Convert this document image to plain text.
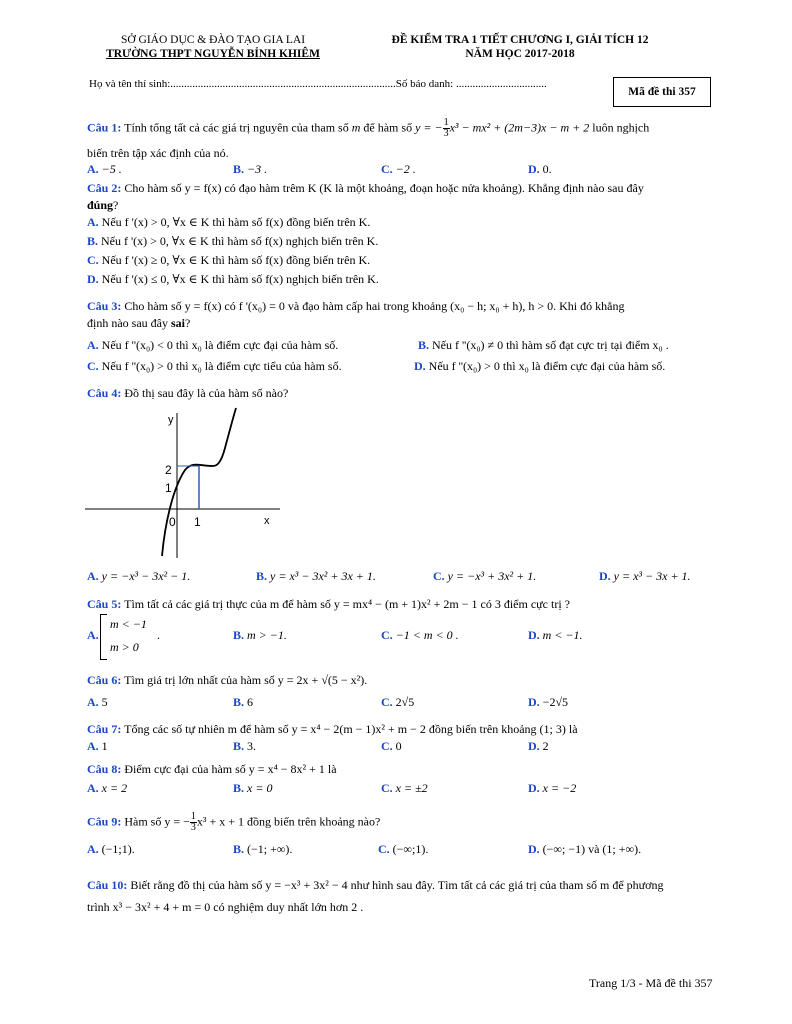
SỞ GIÁO DỤC & ĐÀO TẠO GIA LAI
TRƯỜNG THPT NGUYỄN BỈNH KHIÊM
ĐỀ KIỂM TRA 1 TIẾT CHƯƠNG I, GIẢI TÍCH 12
NĂM HỌC 2017-2018
Họ và tên thí sinh:..................................................................................Số báo danh: .................................
Mã đề thi 357
Câu 1: Tính tổng tất cả các giá trị nguyên của tham số m để hàm số y = − $\frac{1}{3} x^3 - mx^2 + (2m-3)x - m + 2$ luôn nghịch
biến trên tập xác định của nó.
A. −5 .	B. −3 .	C. −2 .	D. 0.
Câu 2: Cho hàm số y = f(x) có đạo hàm trêm K (K là một khoảng, đoạn hoặc nửa khoảng). Khẳng định nào sau đây
đúng?
A. Nếu f '(x) > 0, ∀x ∈ K thì hàm số f(x) đồng biến trên K.
B. Nếu f '(x) > 0, ∀x ∈ K thì hàm số f(x) nghịch biến trên K.
C. Nếu f '(x) ≥ 0, ∀x ∈ K thì hàm số f(x) đồng biến trên K.
D. Nếu f '(x) ≤ 0, ∀x ∈ K thì hàm số f(x) nghịch biến trên K.
Câu 3: Cho hàm số y = f(x) có f '(x₀) = 0 và đạo hàm cấp hai trong khoảng (x₀ − h; x₀ + h), h > 0. Khi đó khẳng
định nào sau đây sai?
A. Nếu f ''(x₀) < 0 thì x₀ là điểm cực đại của hàm số.	B. Nếu f ''(x₀) ≠ 0 thì hàm số đạt cực trị tại điểm x₀ .
C. Nếu f ''(x₀) > 0 thì x₀ là điểm cực tiểu của hàm số.	D. Nếu f ''(x₀) > 0 thì x₀ là điểm cực đại của hàm số.
Câu 4: Đồ thị sau đây là của hàm số nào?
y
x
2
1
0 1
A. y = −x³ − 3x² − 1.	B. y = x³ − 3x² + 3x + 1.	C. y = −x³ + 3x² + 1.	D. y = x³ − 3x + 1.
Câu 5: Tìm tất cả các giá trị thực của m để hàm số y = mx⁴ − (m + 1)x² + 2m − 1 có 3 điểm cực trị ?
A.
m < −1
m > 0
.	B. m > −1.	C. −1 < m < 0 .	D. m < −1.
Câu 6: Tìm giá trị lớn nhất của hàm số y = 2x + √(5 − x²).
A. 5	B. 6	C. 2√5	D. −2√5
Câu 7: Tổng các số tự nhiên m để hàm số y = x⁴ − 2(m − 1)x² + m − 2 đồng biến trên khoảng (1; 3) là
A. 1	B. 3.	C. 0	D. 2
Câu 8: Điểm cực đại của hàm số y = x⁴ − 8x² + 1 là
A. x = 2	B. x = 0	C. x = ±2	D. x = −2
Câu 9: Hàm số y = − $\frac{1}{3} x^3 + x + 1$ đồng biến trên khoảng nào?
A. (−1;1).	B. (−1; +∞).	C. (−∞;1).	D. (−∞; −1) và (1; +∞).
Câu 10: Biết rằng đồ thị của hàm số y = −x³ + 3x² − 4 như hình sau đây. Tìm tất cả các giá trị của tham số m để phương
trình x³ − 3x² + 4 + m = 0 có nghiệm duy nhất lớn hơn 2 .
Trang 1/3 - Mã đề thi 357
